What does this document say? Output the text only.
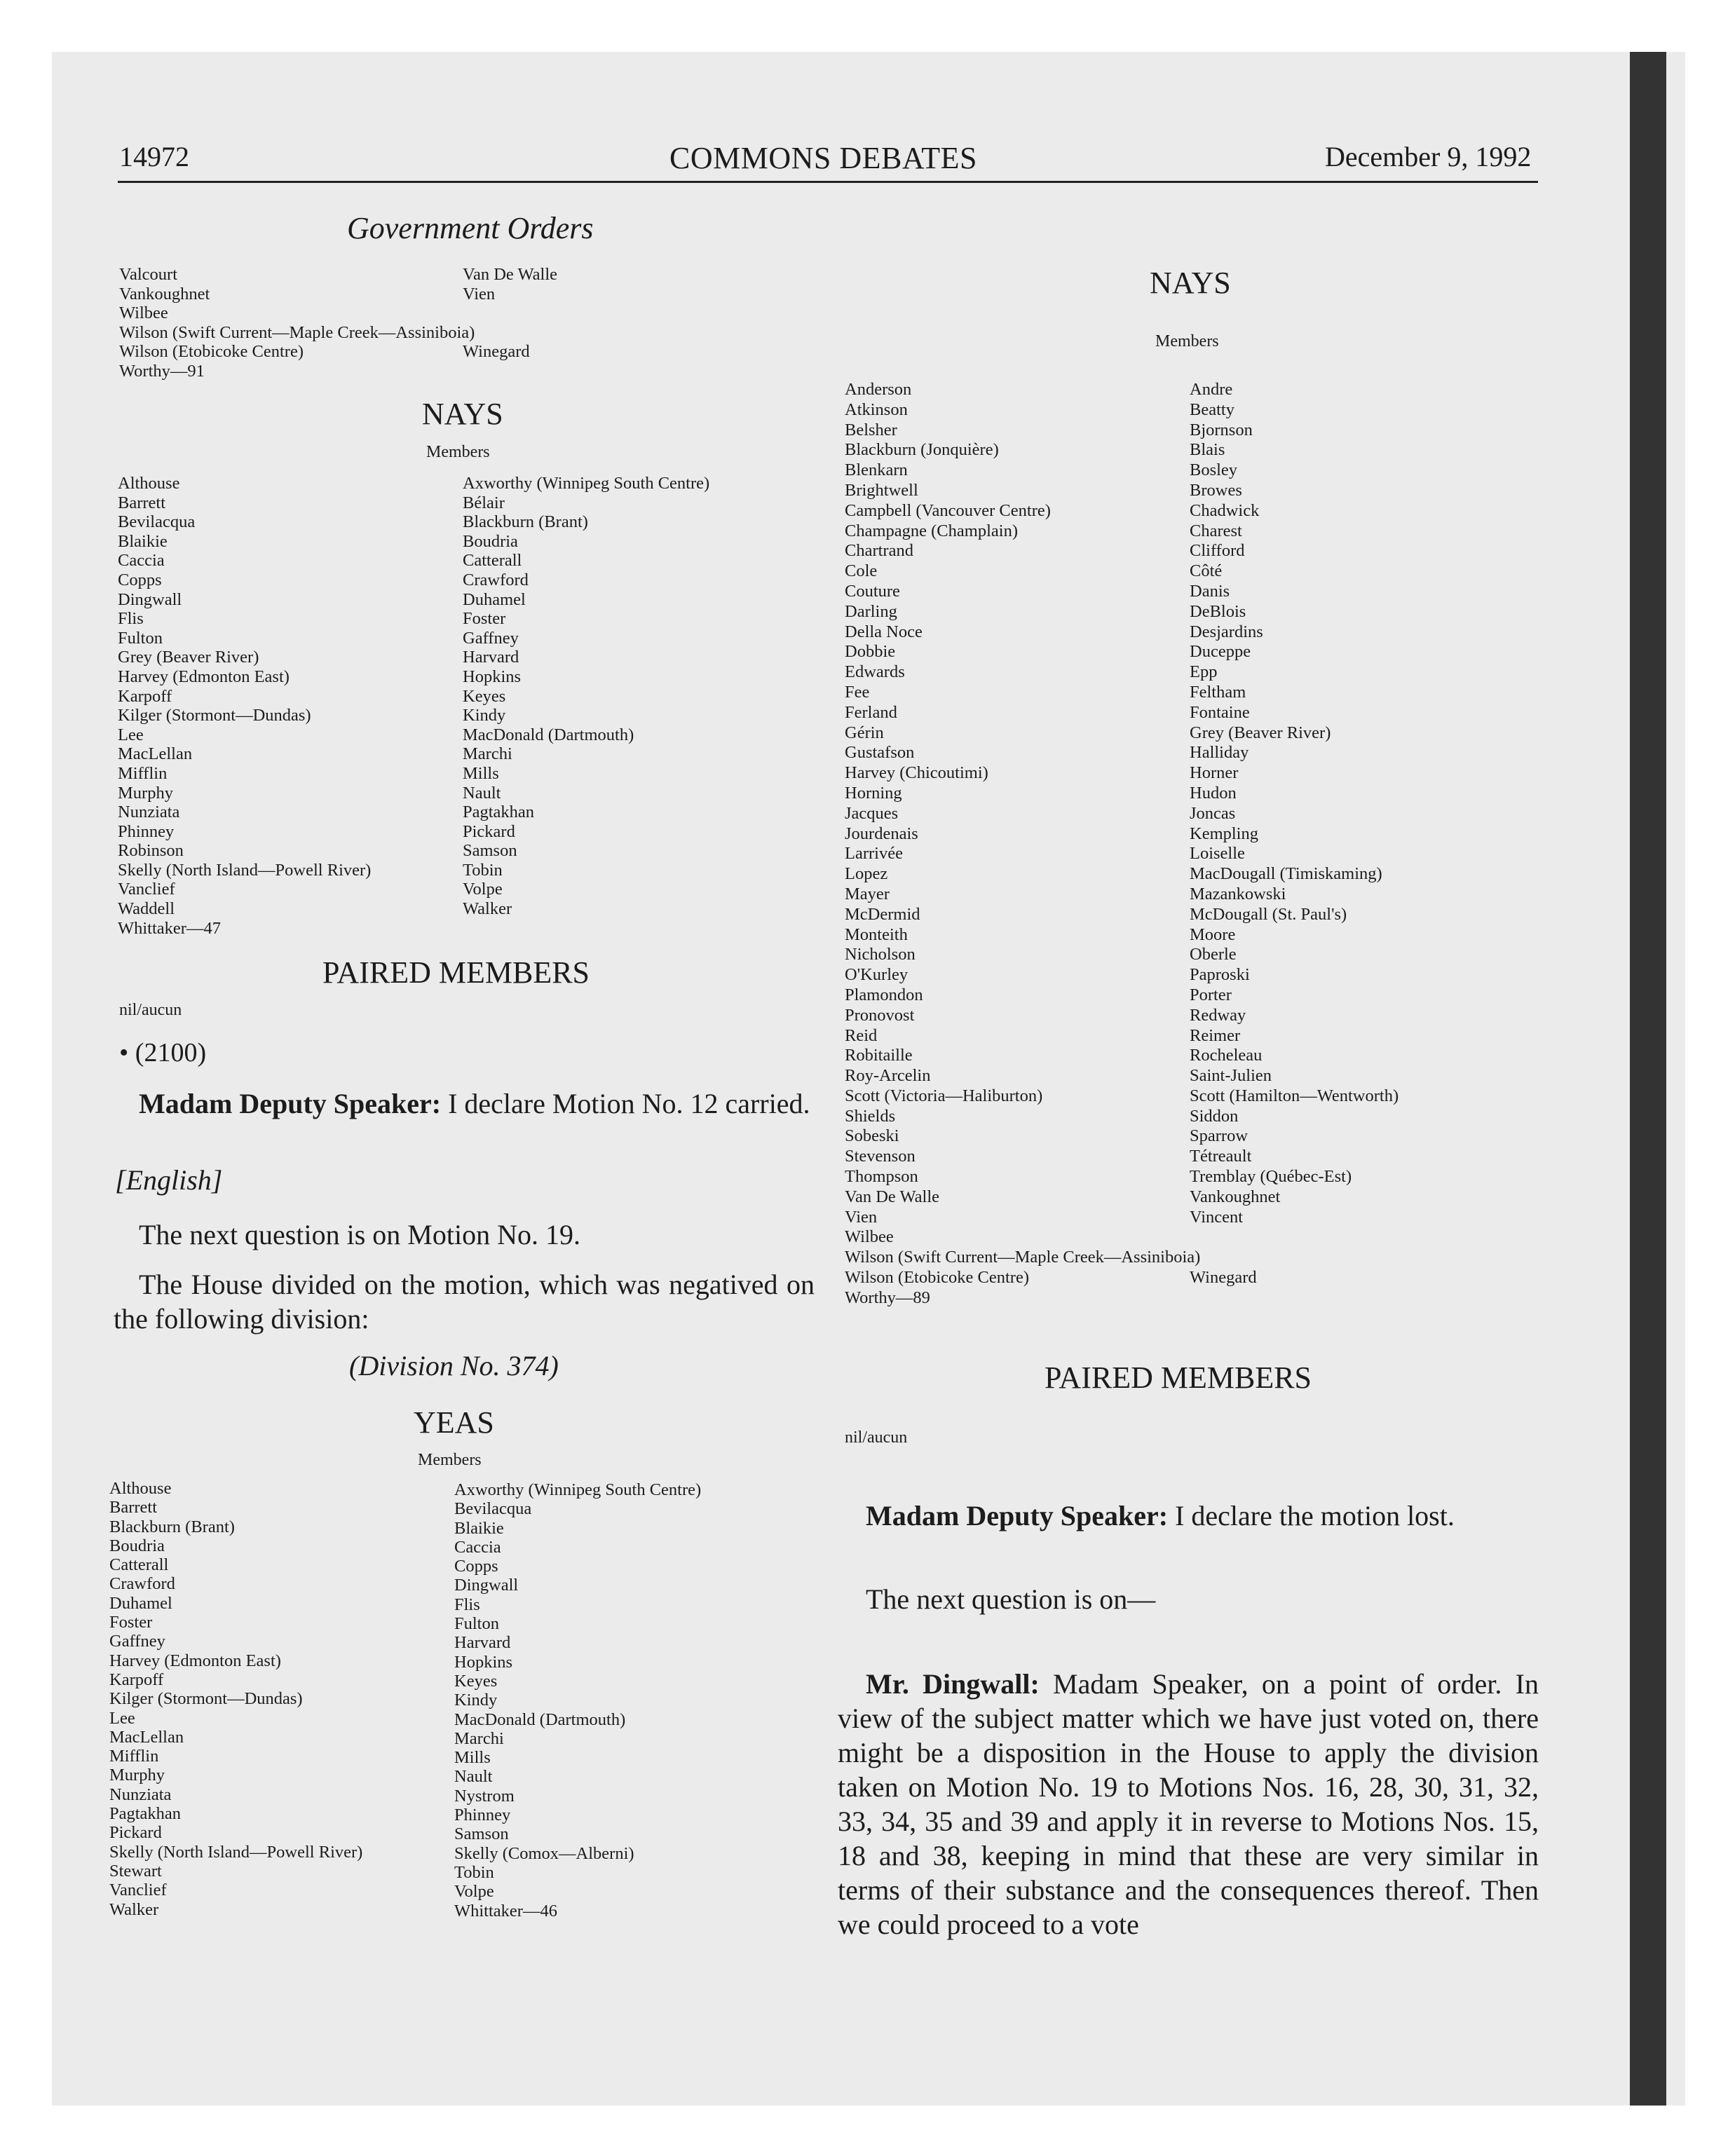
14972	COMMONS DEBATES	December 9, 1992
Government Orders
Valcourt
Vankoughnet
Wilbee
Wilson (Swift Current—Maple Creek—Assiniboia)
Wilson (Etobicoke Centre)
Worthy—91
Van De Walle
Vien

Winegard
NAYS
Members
Althouse
Barrett
Bevilacqua
Blaikie
Caccia
Copps
Dingwall
Flis
Fulton
Grey (Beaver River)
Harvey (Edmonton East)
Karpoff
Kilger (Stormont—Dundas)
Lee
MacLellan
Mifflin
Murphy
Nunziata
Phinney
Robinson
Skelly (North Island—Powell River)
Vanclief
Waddell
Whittaker—47
Axworthy (Winnipeg South Centre)
Bélair
Blackburn (Brant)
Boudria
Catterall
Crawford
Duhamel
Foster
Gaffney
Harvard
Hopkins
Keyes
Kindy
MacDonald (Dartmouth)
Marchi
Mills
Nault
Pagtakhan
Pickard
Samson
Tobin
Volpe
Walker
PAIRED MEMBERS
nil/aucun
• (2100)
Madam Deputy Speaker: I declare Motion No. 12 carried.
[English]
The next question is on Motion No. 19.
The House divided on the motion, which was negatived on the following division:
(Division No. 374)
YEAS
Members
Althouse
Barrett
Blackburn (Brant)
Boudria
Catterall
Crawford
Duhamel
Foster
Gaffney
Harvey (Edmonton East)
Karpoff
Kilger (Stormont—Dundas)
Lee
MacLellan
Mifflin
Murphy
Nunziata
Pagtakhan
Pickard
Skelly (North Island—Powell River)
Stewart
Vanclief
Walker
Axworthy (Winnipeg South Centre)
Bevilacqua
Blaikie
Caccia
Copps
Dingwall
Flis
Fulton
Harvard
Hopkins
Keyes
Kindy
MacDonald (Dartmouth)
Marchi
Mills
Nault
Nystrom
Phinney
Samson
Skelly (Comox—Alberni)
Tobin
Volpe
Whittaker—46
NAYS
Members
Anderson
Atkinson
Belsher
Blackburn (Jonquière)
Blenkarn
Brightwell
Campbell (Vancouver Centre)
Champagne (Champlain)
Chartrand
Cole
Couture
Darling
Della Noce
Dobbie
Edwards
Fee
Ferland
Gérin
Gustafson
Harvey (Chicoutimi)
Horning
Jacques
Jourdenais
Larrivée
Lopez
Mayer
McDermid
Monteith
Nicholson
O'Kurley
Plamondon
Pronovost
Reid
Robitaille
Roy-Arcelin
Scott (Victoria—Haliburton)
Shields
Sobeski
Stevenson
Thompson
Van De Walle
Vien
Wilbee
Wilson (Swift Current—Maple Creek—Assiniboia)
Wilson (Etobicoke Centre)
Worthy—89
Andre
Beatty
Bjornson
Blais
Bosley
Browes
Chadwick
Charest
Clifford
Côté
Danis
DeBlois
Desjardins
Duceppe
Epp
Feltham
Fontaine
Grey (Beaver River)
Halliday
Horner
Hudon
Joncas
Kempling
Loiselle
MacDougall (Timiskaming)
Mazankowski
McDougall (St. Paul's)
Moore
Oberle
Paproski
Porter
Redway
Reimer
Rocheleau
Saint-Julien
Scott (Hamilton—Wentworth)
Siddon
Sparrow
Tétreault
Tremblay (Québec-Est)
Vankoughnet
Vincent

Winegard
PAIRED MEMBERS
nil/aucun
Madam Deputy Speaker: I declare the motion lost.
The next question is on—
Mr. Dingwall: Madam Speaker, on a point of order. In view of the subject matter which we have just voted on, there might be a disposition in the House to apply the division taken on Motion No. 19 to Motions Nos. 16, 28, 30, 31, 32, 33, 34, 35 and 39 and apply it in reverse to Motions Nos. 15, 18 and 38, keeping in mind that these are very similar in terms of their substance and the consequences thereof. Then we could proceed to a vote
